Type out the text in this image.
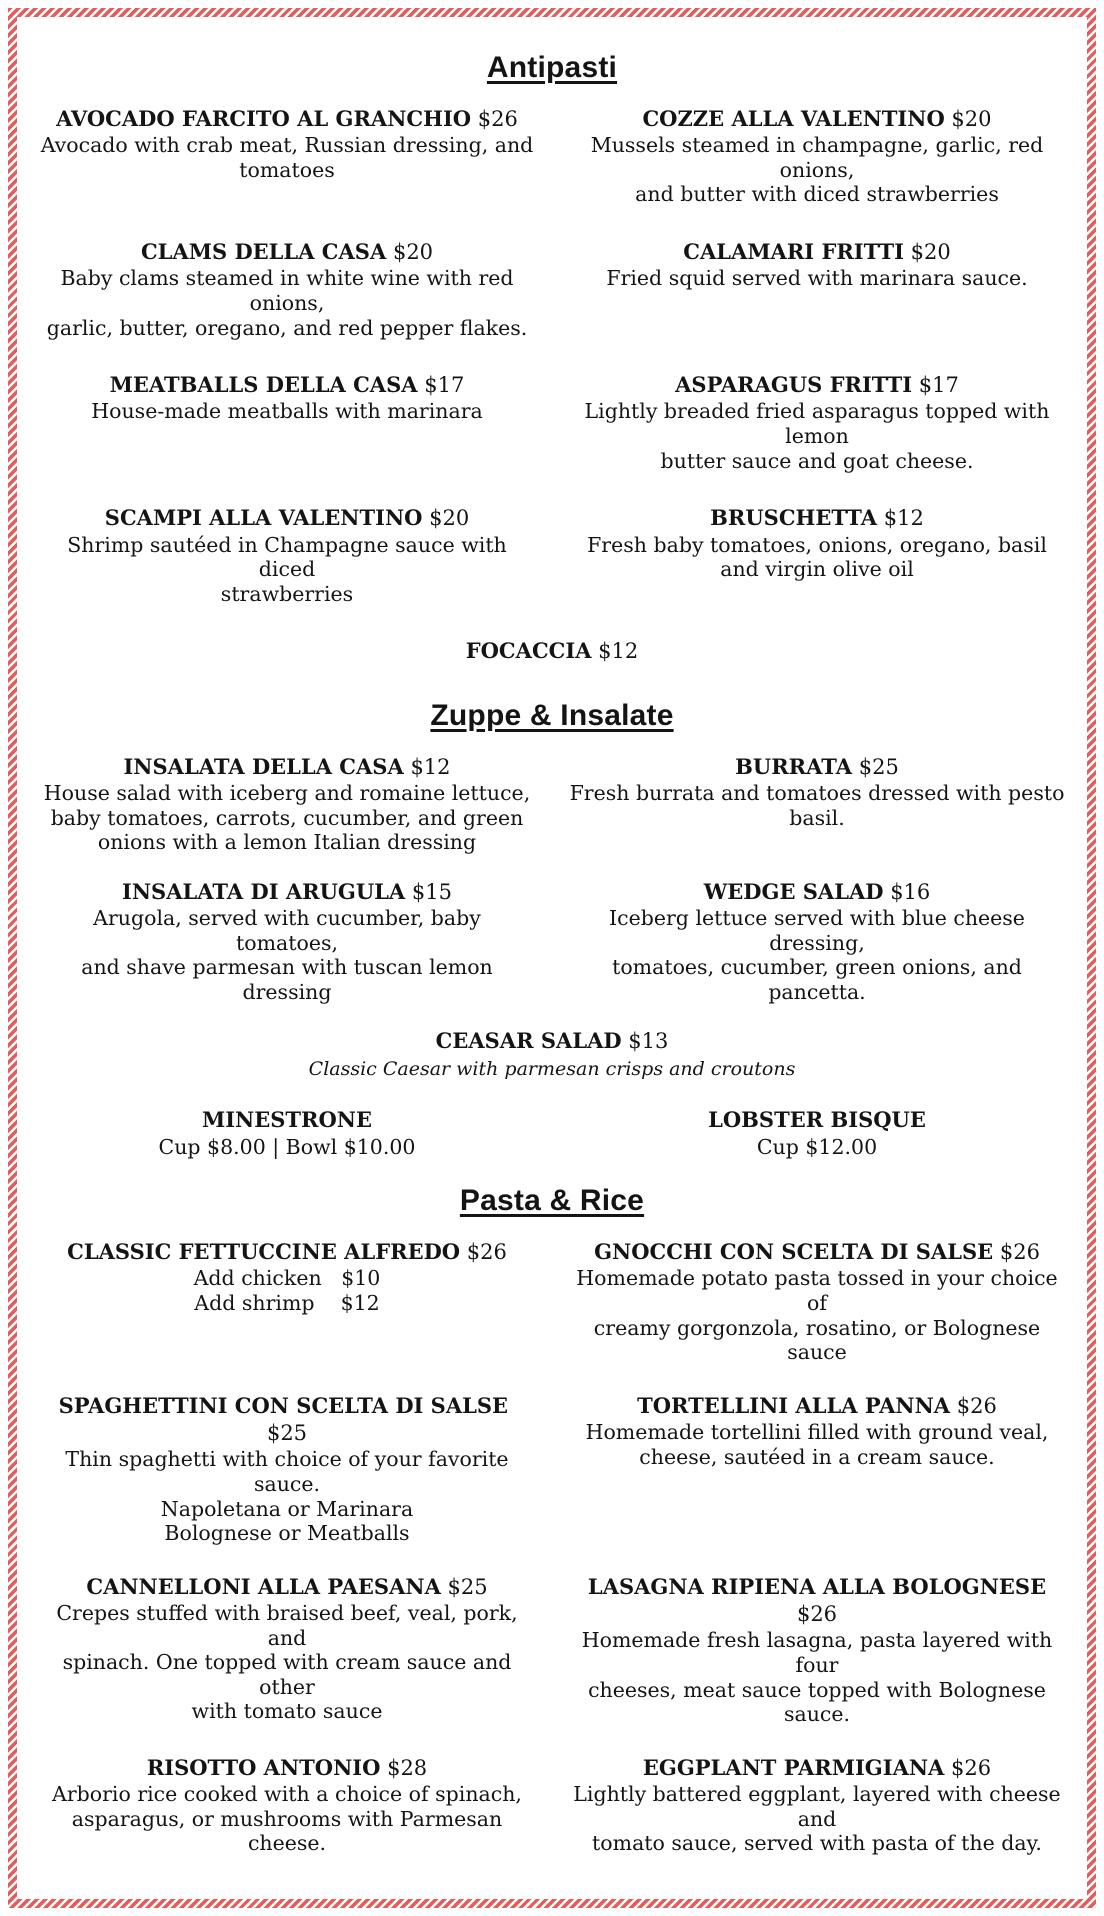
Antipasti
AVOCADO FARCITO AL GRANCHIO $26
Avocado with crab meat, Russian dressing, and
tomatoes
COZZE ALLA VALENTINO $20
Mussels steamed in champagne, garlic, red onions,
and butter with diced strawberries
CLAMS DELLA CASA $20
Baby clams steamed in white wine with red onions,
garlic, butter, oregano, and red pepper flakes.
CALAMARI FRITTI $20
Fried squid served with marinara sauce.
MEATBALLS DELLA CASA $17
House-made meatballs with marinara
ASPARAGUS FRITTI $17
Lightly breaded fried asparagus topped with lemon
butter sauce and goat cheese.
SCAMPI ALLA VALENTINO $20
Shrimp sautéed in Champagne sauce with diced
strawberries
BRUSCHETTA $12
Fresh baby tomatoes, onions, oregano, basil
and virgin olive oil
FOCACCIA $12
Zuppe & Insalate
INSALATA DELLA CASA $12
House salad with iceberg and romaine lettuce,
baby tomatoes, carrots, cucumber, and green
onions with a lemon Italian dressing
BURRATA $25
Fresh burrata and tomatoes dressed with pesto
basil.
INSALATA DI ARUGULA $15
Arugola, served with cucumber, baby tomatoes,
and shave parmesan with tuscan lemon dressing
WEDGE SALAD $16
Iceberg lettuce served with blue cheese dressing,
tomatoes, cucumber, green onions, and pancetta.
CEASAR SALAD $13
Classic Caesar with parmesan crisps and croutons
MINESTRONE
Cup $8.00 | Bowl $10.00
LOBSTER BISQUE
Cup $12.00
Pasta & Rice
CLASSIC FETTUCCINE ALFREDO $26
Add chicken   $10
Add shrimp    $12
GNOCCHI CON SCELTA DI SALSE $26
Homemade potato pasta tossed in your choice of
creamy gorgonzola, rosatino, or Bolognese sauce
SPAGHETTINI CON SCELTA DI SALSE  $25
Thin spaghetti with choice of your favorite sauce.
Napoletana or Marinara
Bolognese or Meatballs
TORTELLINI ALLA PANNA $26
Homemade tortellini filled with ground veal,
cheese, sautéed in a cream sauce.
CANNELLONI ALLA PAESANA $25
Crepes stuffed with braised beef, veal, pork, and
spinach. One topped with cream sauce and other
with tomato sauce
LASAGNA RIPIENA ALLA BOLOGNESE $26
Homemade fresh lasagna, pasta layered with four
cheeses, meat sauce topped with Bolognese sauce.
RISOTTO ANTONIO $28
Arborio rice cooked with a choice of spinach,
asparagus, or mushrooms with Parmesan cheese.
EGGPLANT PARMIGIANA $26
Lightly battered eggplant, layered with cheese and
tomato sauce, served with pasta of the day.
